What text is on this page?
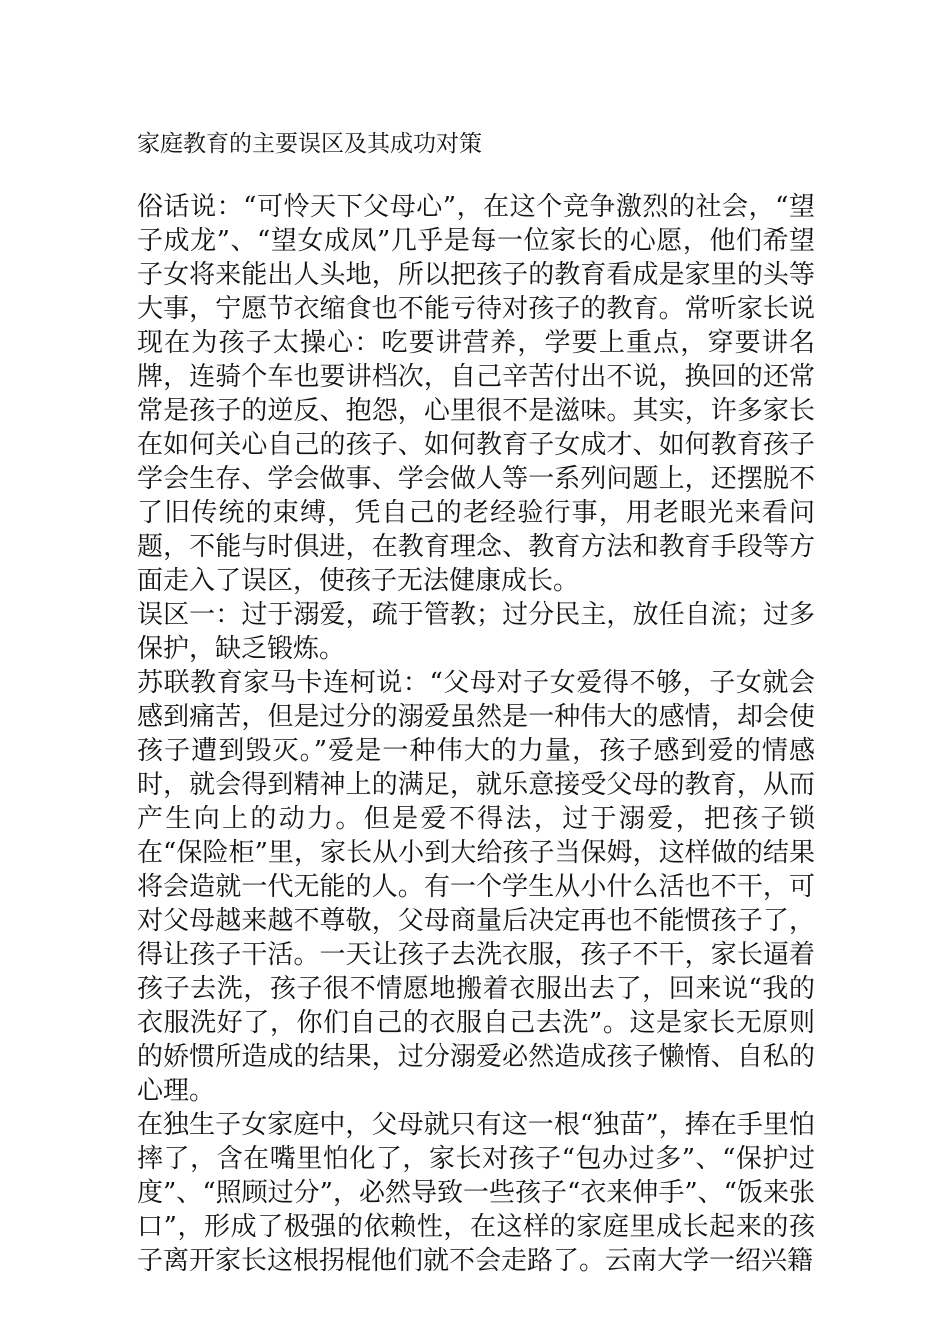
家庭教育的主要误区及其成功对策

俗话说：“可怜天下父母心”，在这个竞争激烈的社会，“望子成龙”、“望女成凤”几乎是每一位家长的心愿，他们希望子女将来能出人头地，所以把孩子的教育看成是家里的头等大事，宁愿节衣缩食也不能亏待对孩子的教育。常听家长说现在为孩子太操心：吃要讲营养，学要上重点，穿要讲名牌，连骑个车也要讲档次，自己辛苦付出不说，换回的还常常是孩子的逆反、抱怨，心里很不是滋味。其实，许多家长在如何关心自己的孩子、如何教育子女成才、如何教育孩子学会生存、学会做事、学会做人等一系列问题上，还摆脱不了旧传统的束缚，凭自己的老经验行事，用老眼光来看问题，不能与时俱进，在教育理念、教育方法和教育手段等方面走入了误区，使孩子无法健康成长。

误区一：过于溺爱，疏于管教；过分民主，放任自流；过多保护，缺乏锻炼。

苏联教育家马卡连柯说：“父母对子女爱得不够，子女就会感到痛苦，但是过分的溺爱虽然是一种伟大的感情，却会使孩子遭到毁灭。”爱是一种伟大的力量，孩子感到爱的情感时，就会得到精神上的满足，就乐意接受父母的教育，从而产生向上的动力。但是爱不得法，过于溺爱，把孩子锁在“保险柜”里，家长从小到大给孩子当保姆，这样做的结果将会造就一代无能的人。有一个学生从小什么活也不干，可对父母越来越不尊敬，父母商量后决定再也不能惯孩子了，得让孩子干活。一天让孩子去洗衣服，孩子不干，家长逼着孩子去洗，孩子很不情愿地搬着衣服出去了，回来说“我的衣服洗好了，你们自己的衣服自己去洗”。这是家长无原则的娇惯所造成的结果，过分溺爱必然造成孩子懒惰、自私的心理。

在独生子女家庭中，父母就只有这一根“独苗”，捧在手里怕摔了，含在嘴里怕化了，家长对孩子“包办过多”、“保护过度”、“照顾过分”，必然导致一些孩子“衣来伸手”、“饭来张口”，形成了极强的依赖性，在这样的家庭里成长起来的孩子离开家长这根拐棍他们就不会走路了。云南大学一绍兴籍
